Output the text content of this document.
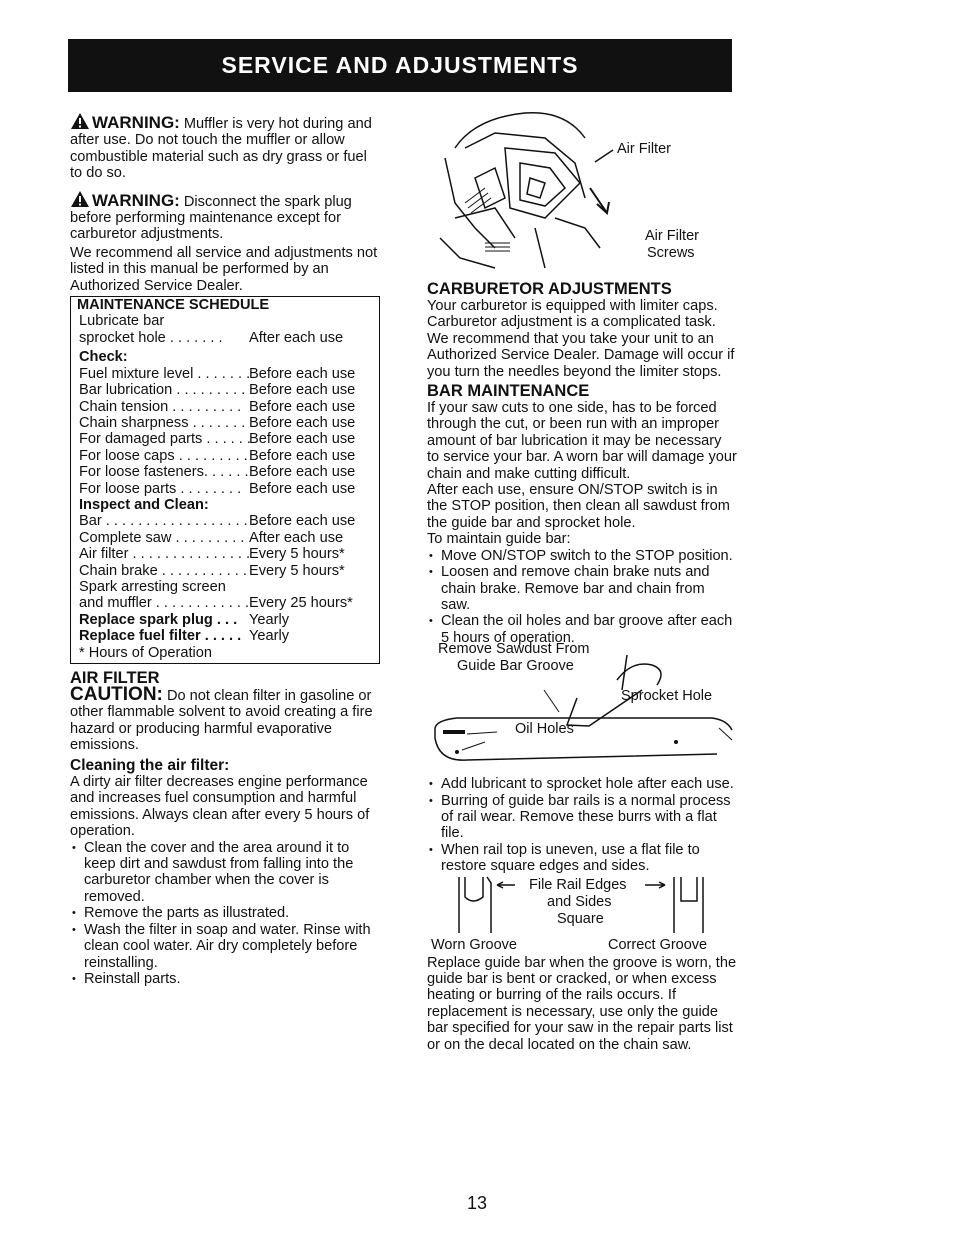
SERVICE AND ADJUSTMENTS

WARNING: Muffler is very hot during and after use. Do not touch the muffler or allow combustible material such as dry grass or fuel to do so.

WARNING: Disconnect the spark plug before performing maintenance except for carburetor adjustments.

We recommend all service and adjustments not listed in this manual be performed by an Authorized Service Dealer.

MAINTENANCE SCHEDULE
Lubricate bar
sprocket hole . . . . . . .	After each use
Check:
Fuel mixture level . . . . . . .
Before each use
Bar lubrication . . . . . . . . . Before each use
Chain tension . . . . . . . . . Before each use
Chain sharpness . . . . . . . Before each use
For damaged parts . . . . . .
Before each use
For loose caps . . . . . . . . . Before each use
For loose fasteners. . . . . . Before each use
For loose parts . . . . . . . . Before each use
Inspect and Clean:
Bar . . . . . . . . . . . . . . . . . . . . .
Before each use
Complete saw . . . . . . . . . After each use
Air filter . . . . . . . . . . . . . . .
Every 5 hours*
Chain brake . . . . . . . . . . . Every 5 hours*
Spark arresting screen
and muffler . . . . . . . . . . . . Every 25 hours*
Replace spark plug . . . Yearly
Replace fuel filter . . . . . Yearly
* Hours of Operation
AIR FILTER

CAUTION: Do not clean filter in gasoline or other flammable solvent to avoid creating a fire hazard or producing harmful evaporative emissions.

Cleaning the air filter:

A dirty air filter decreases engine performance and increases fuel consumption and harmful emissions. Always clean after every 5 hours of operation.

• Clean the cover and the area around it to keep dirt and sawdust from falling into the carburetor chamber when the cover is removed.
• Remove the parts as illustrated.
• Wash the filter in soap and water. Rinse with clean cool water. Air dry completely before reinstalling.
• Reinstall parts.
Air Filter
Air Filter
Screws
CARBURETOR ADJUSTMENTS

Your carburetor is equipped with limiter caps. Carburetor adjustment is a complicated task. We recommend that you take your unit to an Authorized Service Dealer. Damage will occur if you turn the needles beyond the limiter stops.

BAR MAINTENANCE

If your saw cuts to one side, has to be forced through the cut, or been run with an improper amount of bar lubrication it may be necessary to service your bar. A worn bar will damage your chain and make cutting difficult.

After each use, ensure ON/STOP switch is in the STOP position, then clean all sawdust from the guide bar and sprocket hole.

To maintain guide bar:

• Move ON/STOP switch to the STOP position.
• Loosen and remove chain brake nuts and chain brake. Remove bar and chain from saw.
• Clean the oil holes and bar groove after each 5 hours of operation.
Remove Sawdust From
Guide Bar Groove
Sprocket Hole
Oil Holes
• Add lubricant to sprocket hole after each use.
• Burring of guide bar rails is a normal process of rail wear. Remove these burrs with a flat file.
• When rail top is uneven, use a flat file to restore square edges and sides.
File Rail Edges
and Sides
Square
Worn Groove	Correct Groove

Replace guide bar when the groove is worn, the guide bar is bent or cracked, or when excess heating or burring of the rails occurs. If replacement is necessary, use only the guide bar specified for your saw in the repair parts list or on the decal located on the chain saw.

13
